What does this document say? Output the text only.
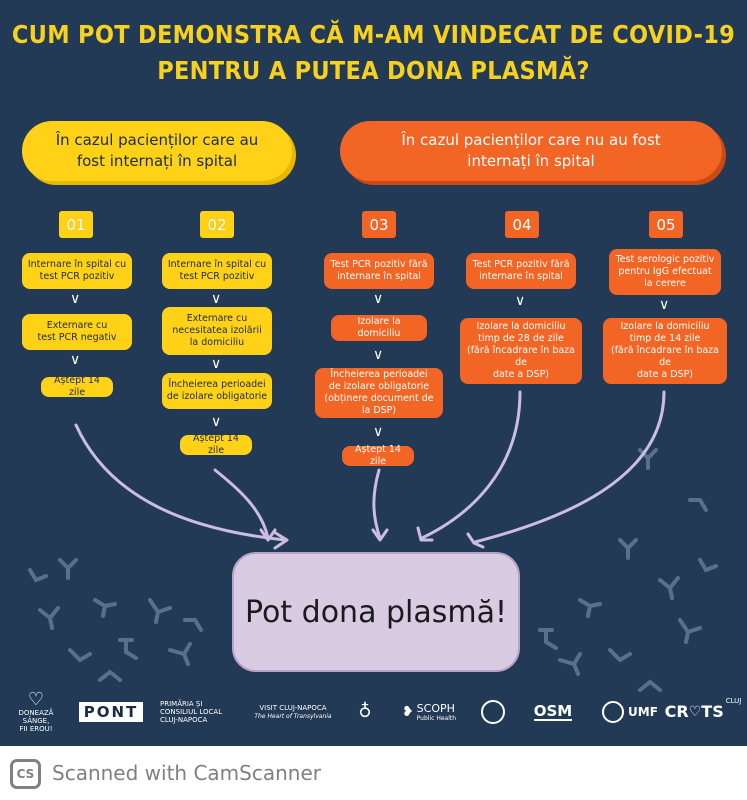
CUM POT DEMONSTRA CĂ M-AM VINDECAT DE COVID-19
PENTRU A PUTEA DONA PLASMĂ?
În cazul pacienților care au
fost internați în spital
În cazul pacienților care nu au fost
internați în spital
01
Internare în spital cu
test PCR pozitiv
Externare cu
test PCR negativ
Aștept 14 zile
02
Internare în spital cu
test PCR pozitiv
Externare cu
necesitatea izolării
la domiciliu
Încheierea perioadei
de izolare obligatorie
Aștept 14 zile
03
Test PCR pozitiv fără
internare în spital
Izolare la domiciliu
Încheierea perioadei
de izolare obligatorie
(obținere document de la DSP)
Aștept 14 zile
04
Test PCR pozitiv fără
internare în spital
Izolare la domiciliu
timp de 28 de zile
(fără încadrare în baza de
date a DSP)
05
Test serologic pozitiv
pentru IgG efectuat
la cerere
Izolare la domiciliu
timp de 14 zile
(fără încadrare în baza de
date a DSP)
∨
∨
∨
∨
∨
∨
∨
∨
∨	∨
Pot dona plasmă!
♡
DONEAZĂ SÂNGE,
FII EROU!
PONT	PRIMĂRIA ȘI
CONSILIUL LOCAL
CLUJ-NAPOCA
VISIT CLUJ-NAPOCA
The Heart of Transylvania ♁ ❥ SCOPH
Public Health	OSM	UMF CR ♡ TS
CLUJ
CS Scanned with CamScanner
